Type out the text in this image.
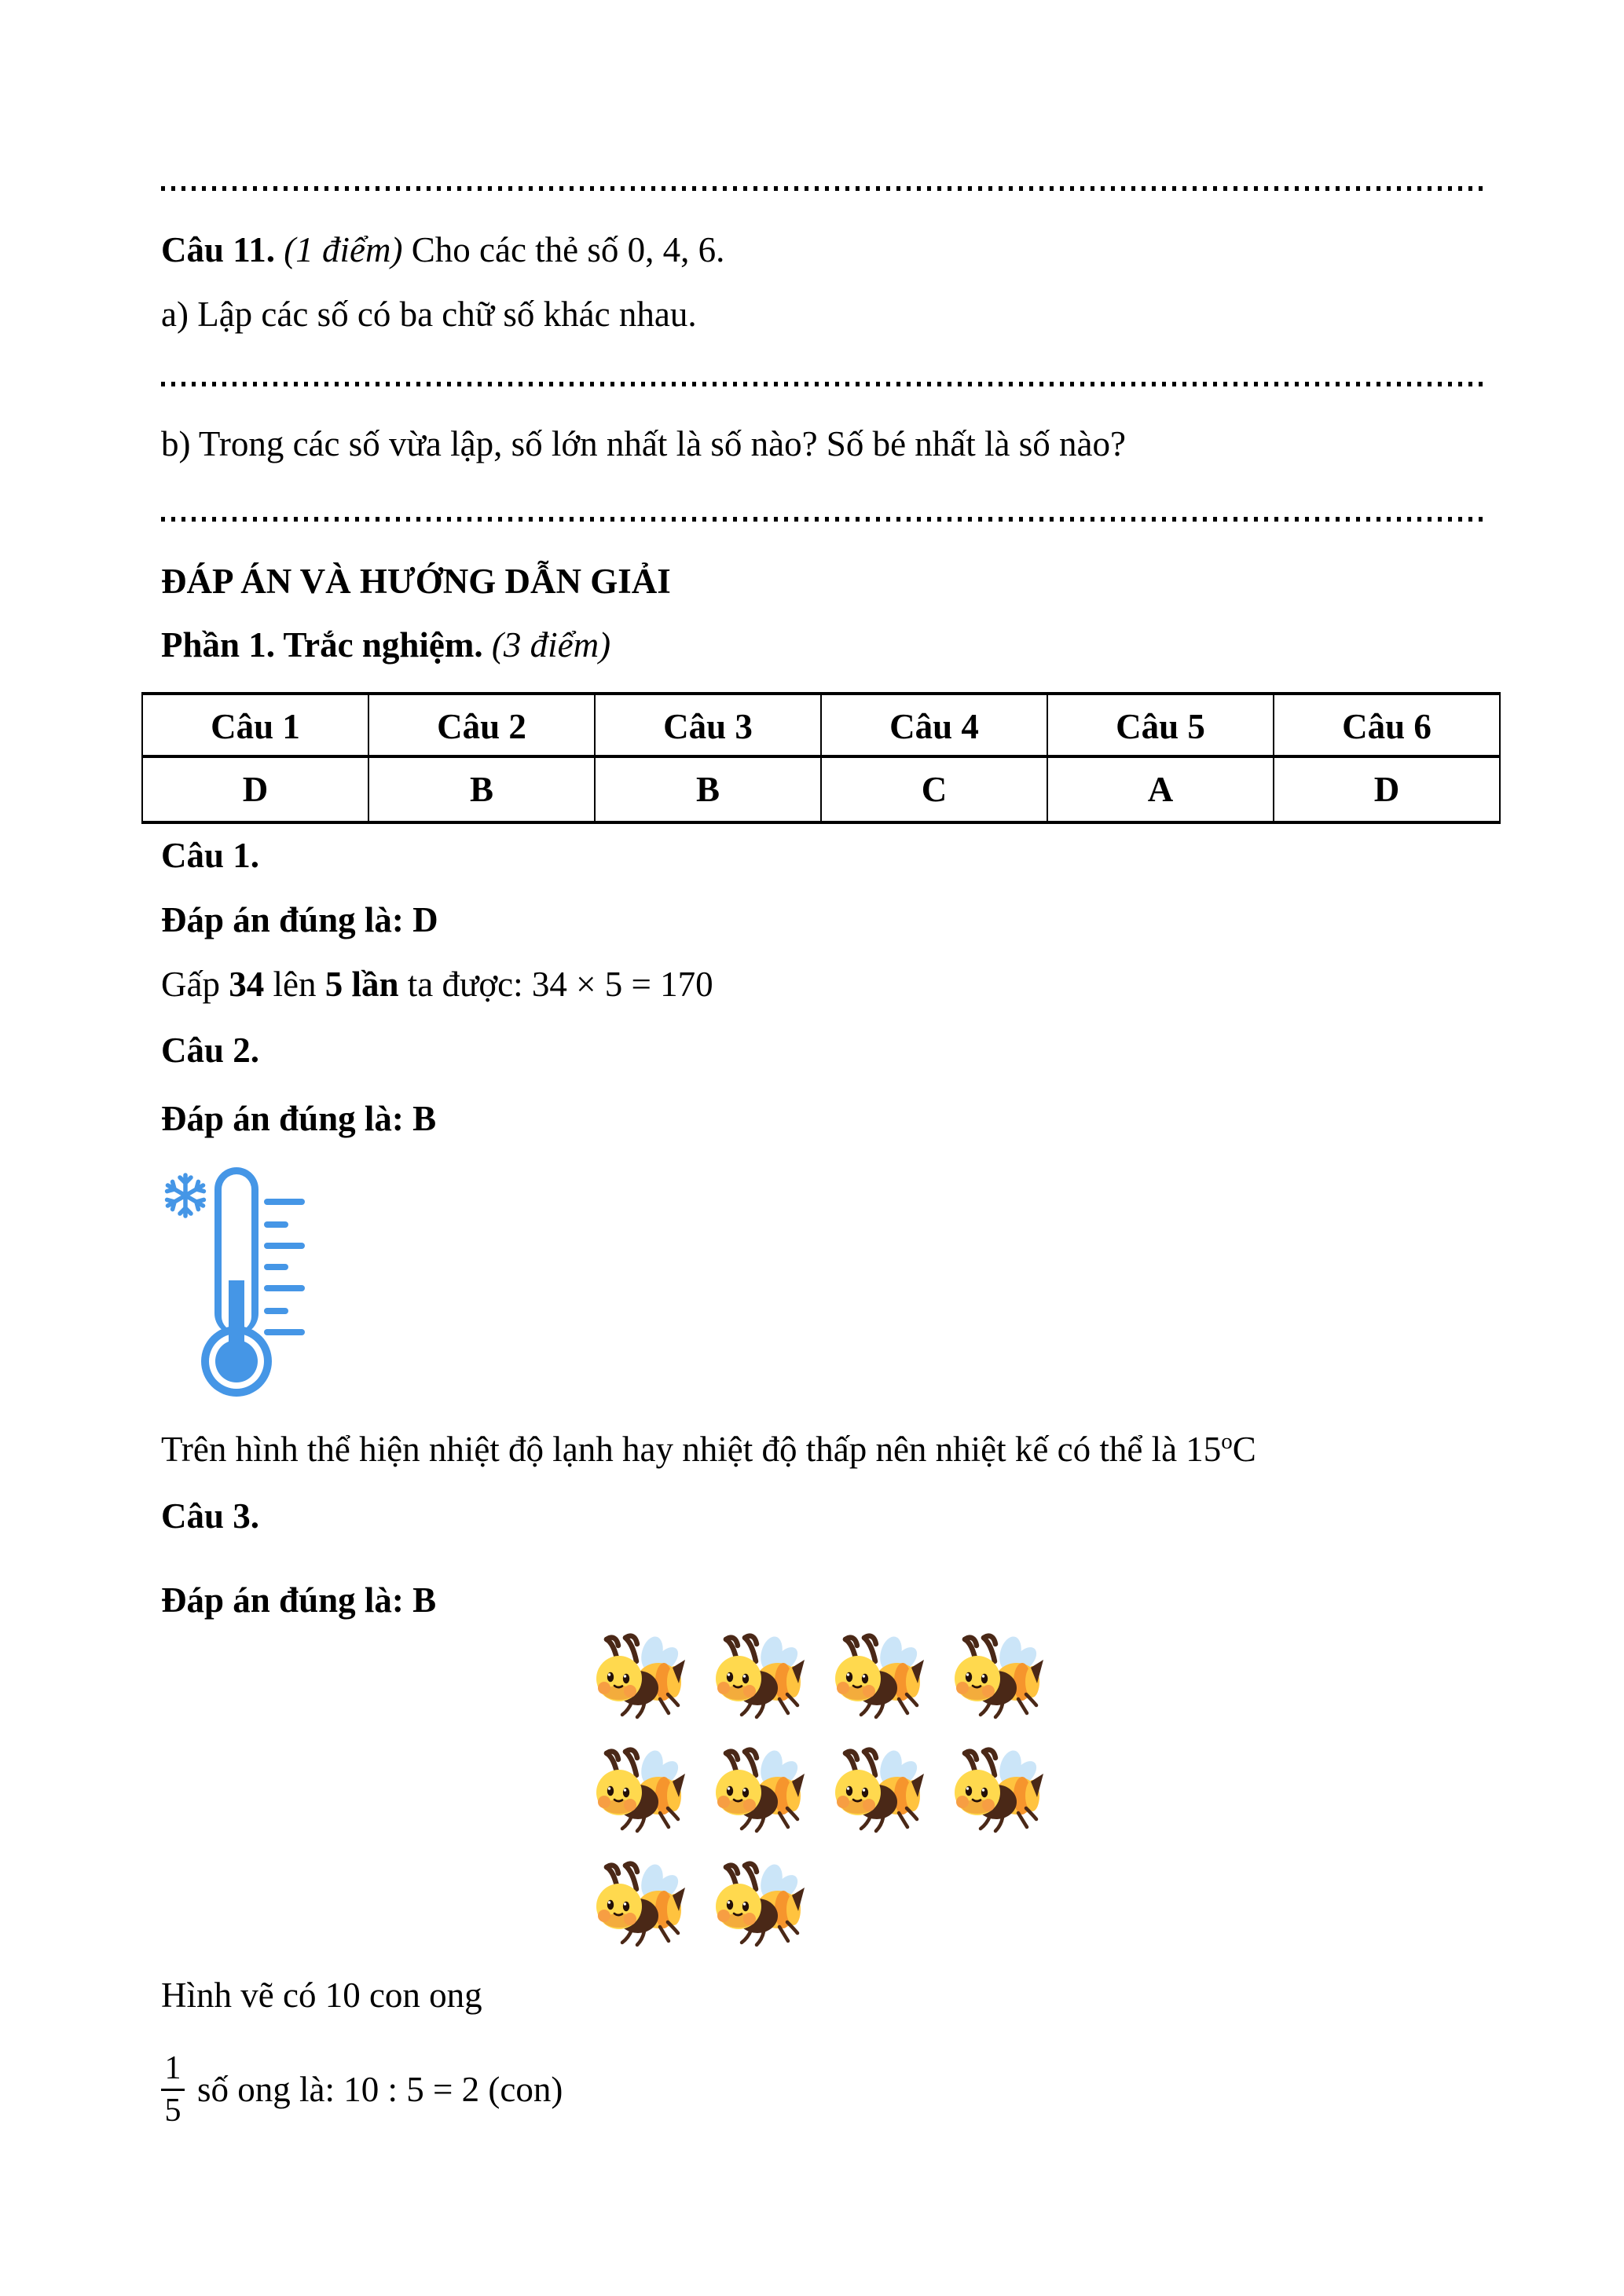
Câu 11. (1 điểm) Cho các thẻ số 0, 4, 6.
a) Lập các số có ba chữ số khác nhau.
b) Trong các số vừa lập, số lớn nhất là số nào? Số bé nhất là số nào?
ĐÁP ÁN VÀ HƯỚNG DẪN GIẢI
Phần 1. Trắc nghiệm. (3 điểm)
Câu 1	Câu 2	Câu 3	Câu 4	Câu 5	Câu 6
D	B	B	C	A	D
Câu 1.
Đáp án đúng là: D
Gấp 34 lên 5 lần ta được: 34 × 5 = 170
Câu 2.
Đáp án đúng là: B
Trên hình thể hiện nhiệt độ lạnh hay nhiệt độ thấp nên nhiệt kế có thể là 15$^o$C
Câu 3.
Đáp án đúng là: B
Hình vẽ có 10 con ong
$\frac{1}{5}$ số ong là: 10 : 5 = 2 (con)
